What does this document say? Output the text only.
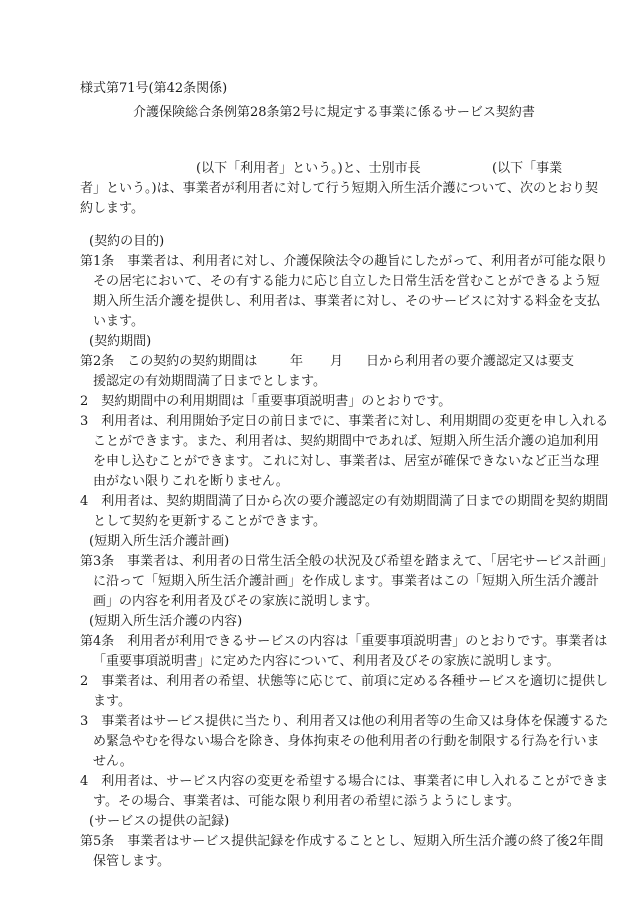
様式第71号(第42条関係)
介護保険総合条例第28条第2号に規定する事業に係るサービス契約書
(以下「利用者」という。)と、士別市長	(以下「事業
者」という。)は、事業者が利用者に対して行う短期入所生活介護について、次のとおり契
約します。
(契約の目的)
第1条　事業者は、利用者に対し、介護保険法令の趣旨にしたがって、利用者が可能な限り
その居宅において、その有する能力に応じ自立した日常生活を営むことができるよう短
期入所生活介護を提供し、利用者は、事業者に対し、そのサービスに対する料金を支払
います。
(契約期間)
第2条　この契約の契約期間は	年 月 日から利用者の要介護認定又は要支
援認定の有効期間満了日までとします。
2　契約期間中の利用期間は「重要事項説明書」のとおりです。
3　利用者は、利用開始予定日の前日までに、事業者に対し、利用期間の変更を申し入れる
ことができます。また、利用者は、契約期間中であれば、短期入所生活介護の追加利用
を申し込むことができます。これに対し、事業者は、居室が確保できないなど正当な理
由がない限りこれを断りません。
4　利用者は、契約期間満了日から次の要介護認定の有効期間満了日までの期間を契約期間
として契約を更新することができます。
(短期入所生活介護計画)
第3条　事業者は、利用者の日常生活全般の状況及び希望を踏まえて、「居宅サービス計画」
に沿って「短期入所生活介護計画」を作成します。事業者はこの「短期入所生活介護計
画」の内容を利用者及びその家族に説明します。
(短期入所生活介護の内容)
第4条　利用者が利用できるサービスの内容は「重要事項説明書」のとおりです。事業者は
「重要事項説明書」に定めた内容について、利用者及びその家族に説明します。
2　事業者は、利用者の希望、状態等に応じて、前項に定める各種サービスを適切に提供し
ます。
3　事業者はサービス提供に当たり、利用者又は他の利用者等の生命又は身体を保護するた
め緊急やむを得ない場合を除き、身体拘束その他利用者の行動を制限する行為を行いま
せん。
4　利用者は、サービス内容の変更を希望する場合には、事業者に申し入れることができま
す。その場合、事業者は、可能な限り利用者の希望に添うようにします。
(サービスの提供の記録)
第5条　事業者はサービス提供記録を作成することとし、短期入所生活介護の終了後2年間
保管します。
